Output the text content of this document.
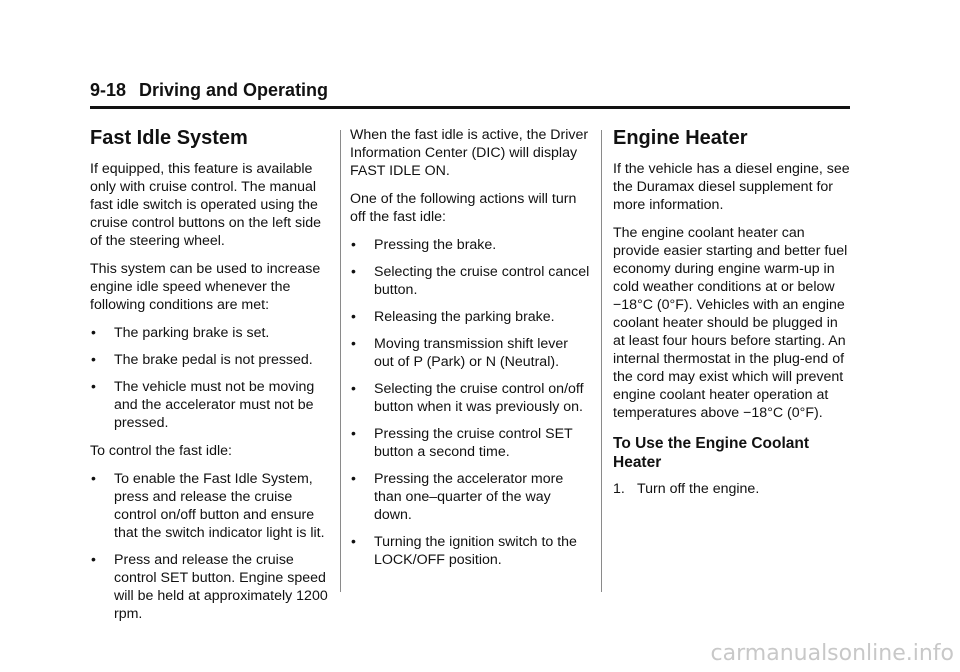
9-18 Driving and Operating
Fast Idle System

If equipped, this feature is available only with cruise control. The manual fast idle switch is operated using the cruise control buttons on the left side of the steering wheel.

This system can be used to increase engine idle speed whenever the following conditions are met:

• The parking brake is set.
• The brake pedal is not pressed.
• The vehicle must not be moving and the accelerator must not be pressed.

To control the fast idle:

• To enable the Fast Idle System, press and release the cruise control on/off button and ensure that the switch indicator light is lit.
• Press and release the cruise control SET button. Engine speed will be held at approximately 1200 rpm.

When the fast idle is active, the Driver Information Center (DIC) will display FAST IDLE ON.

One of the following actions will turn off the fast idle:

• Pressing the brake.
• Selecting the cruise control cancel button.
• Releasing the parking brake.
• Moving transmission shift lever out of P (Park) or N (Neutral).
• Selecting the cruise control on/off button when it was previously on.
• Pressing the cruise control SET button a second time.
• Pressing the accelerator more than one–quarter of the way down.
• Turning the ignition switch to the LOCK/OFF position.
Engine Heater

If the vehicle has a diesel engine, see the Duramax diesel supplement for more information.

The engine coolant heater can provide easier starting and better fuel economy during engine warm-up in cold weather conditions at or below −18°C (0°F). Vehicles with an engine coolant heater should be plugged in at least four hours before starting. An internal thermostat in the plug-end of the cord may exist which will prevent engine coolant heater operation at temperatures above −18°C (0°F).

To Use the Engine Coolant Heater
1. Turn off the engine.
carmanualsonline.info
